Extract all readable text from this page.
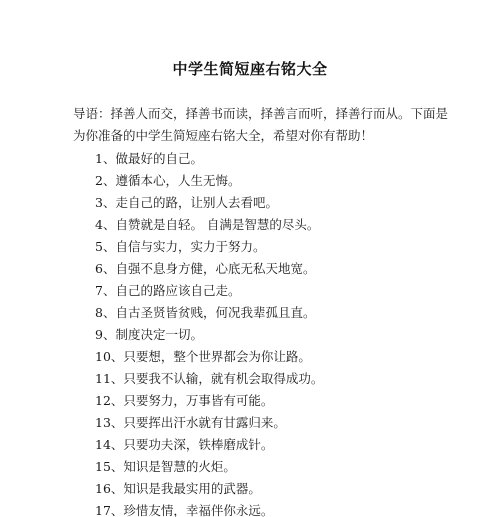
中学生简短座右铭大全

导语：择善人而交，择善书而读，择善言而听，择善行而从。下面是

为你准备的中学生简短座右铭大全，希望对你有帮助！

1、做最好的自己。
2、遵循本心，人生无悔。
3、走自己的路，让别人去看吧。
4、自赞就是自轻。 自满是智慧的尽头。
5、自信与实力，实力于努力。
6、自强不息身方健，心底无私天地宽。
7、自己的路应该自己走。
8、自古圣贤皆贫贱，何况我辈孤且直。
9、制度决定一切。
10、只要想，整个世界都会为你让路。
11、只要我不认输，就有机会取得成功。
12、只要努力，万事皆有可能。
13、只要挥出汗水就有甘露归来。
14、只要功夫深，铁棒磨成针。
15、知识是智慧的火炬。
16、知识是我最实用的武器。
17、珍惜友情，幸福伴你永远。
